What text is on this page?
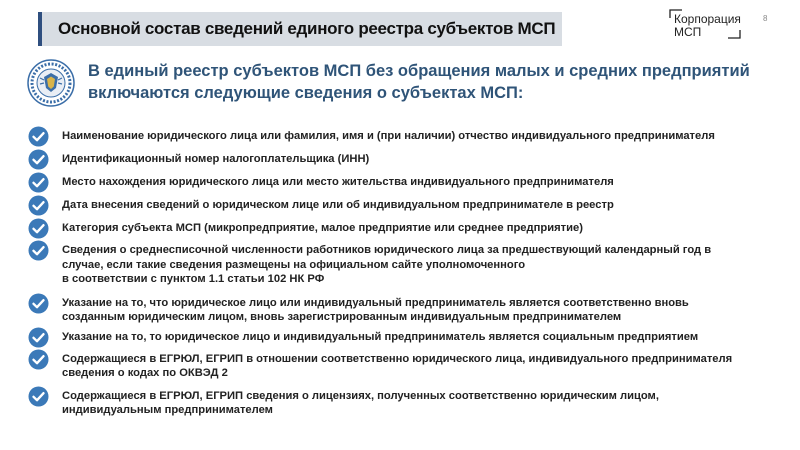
Основной состав сведений единого реестра субъектов МСП	Корпорация
МСП
8
В единый реестр субъектов МСП без обращения малых и средних предприятий включаются следующие сведения о субъектах МСП:
Наименование юридического лица или фамилия, имя и (при наличии) отчество индивидуального предпринимателя
Идентификационный номер налогоплательщика (ИНН)
Место нахождения юридического лица или место жительства индивидуального предпринимателя
Дата внесения сведений о юридическом лице или об индивидуальном предпринимателе в реестр
Категория субъекта МСП (микропредприятие, малое предприятие или среднее предприятие)
Сведения о среднесписочной численности работников юридического лица за предшествующий календарный год в
случае, если такие сведения размещены на официальном сайте уполномоченного
в соответствии с пунктом 1.1 статьи 102 НК РФ
Указание на то, что юридическое лицо или индивидуальный предприниматель является соответственно вновь
созданным юридическим лицом, вновь зарегистрированным индивидуальным предпринимателем
Указание на то, то юридическое лицо и индивидуальный предприниматель является социальным предприятием
Содержащиеся в ЕГРЮЛ, ЕГРИП в отношении соответственно юридического лица, индивидуального предпринимателя
сведения о кодах по ОКВЭД 2
Содержащиеся в ЕГРЮЛ, ЕГРИП сведения о лицензиях, полученных соответственно юридическим лицом,
индивидуальным предпринимателем
